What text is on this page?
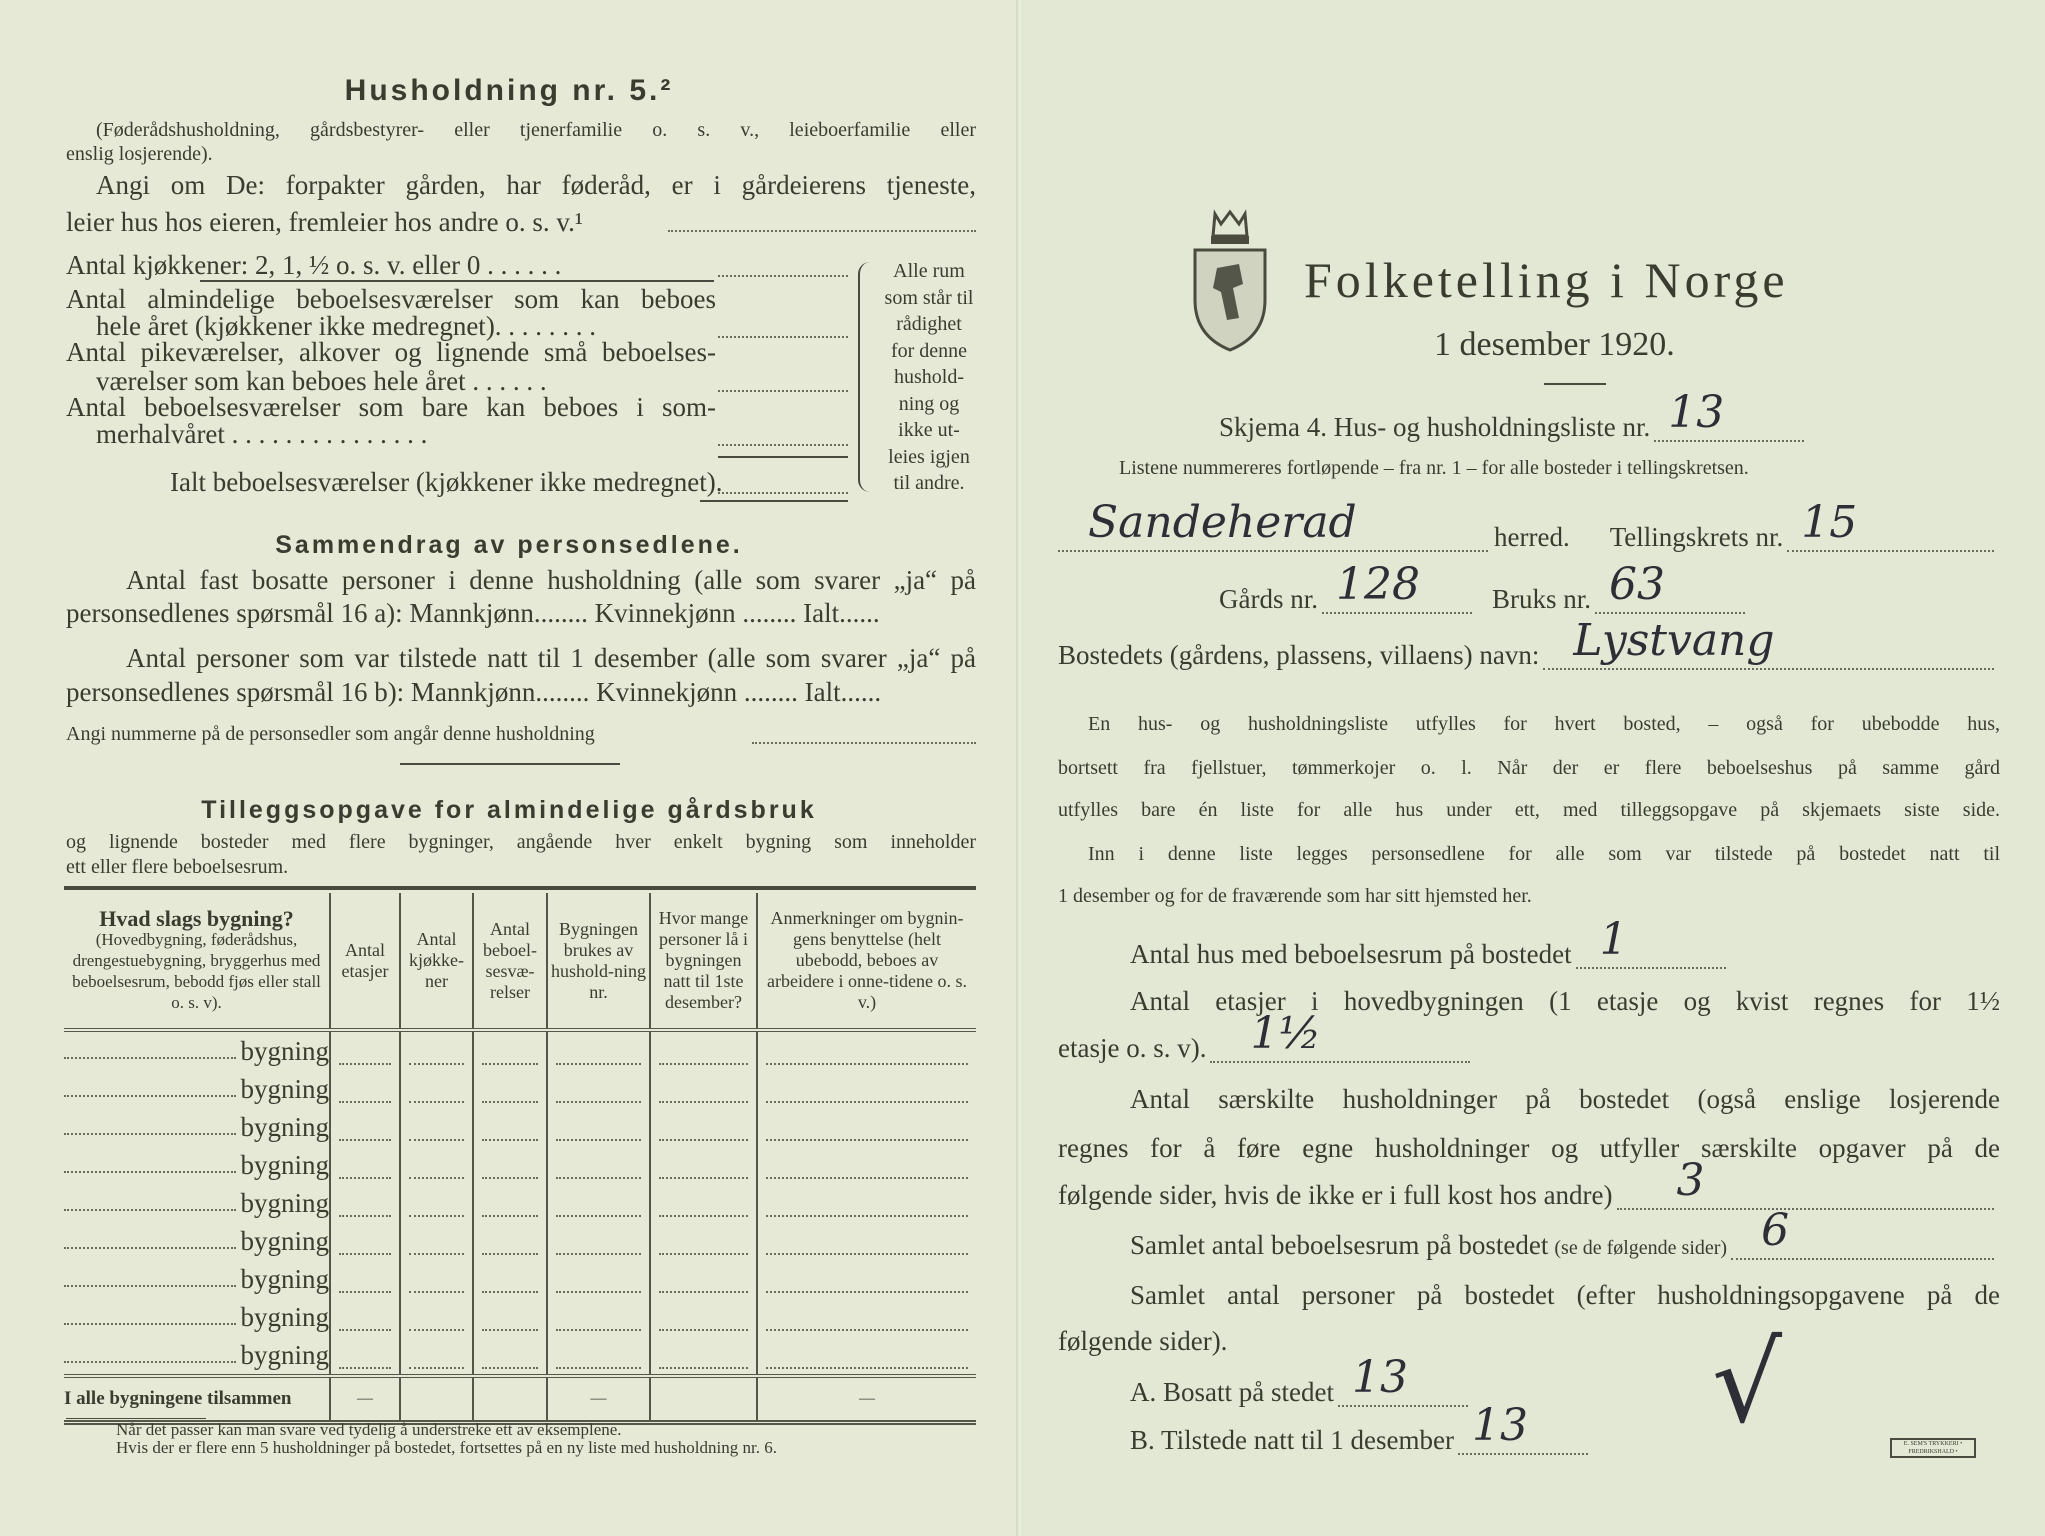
Husholdning nr. 5.²
(Føderådshusholdning, gårdsbestyrer- eller tjenerfamilie o. s. v., leieboerfamilie eller
enslig losjerende).
Angi om De: forpakter gården, har føderåd, er i gårdeierens tjeneste,
leier hus hos eieren, fremleier hos andre o. s. v.¹
Antal kjøkkener: 2, 1, ½ o. s. v. eller 0 . . . . . .
Antal almindelige beboelsesværelser som kan beboes
hele året (kjøkkener ikke medregnet). . . . . . . .
Antal pikeværelser, alkover og lignende små beboelses-
værelser som kan beboes hele året . . . . . .
Antal beboelsesværelser som bare kan beboes i som-
merhalvåret . . . . . . . . . . . . . . .
Ialt beboelsesværelser (kjøkkener ikke medregnet).
Alle rum
som står til
rådighet
for denne
hushold-
ning og
ikke ut-
leies igjen
til andre.
Sammendrag av personsedlene.
Antal fast bosatte personer i denne husholdning (alle som svarer „ja“ på
personsedlenes spørsmål 16 a): Mannkjønn........ Kvinnekjønn ........ Ialt......
Antal personer som var tilstede natt til 1 desember (alle som svarer „ja“ på
personsedlenes spørsmål 16 b): Mannkjønn........ Kvinnekjønn ........ Ialt......
Angi nummerne på de personsedler som angår denne husholdning
Tilleggsopgave for almindelige gårdsbruk
og lignende bosteder med flere bygninger, angående hver enkelt bygning som inneholder
ett eller flere beboelsesrum.
Hvad slags bygning?
(Hovedbygning, føderådshus, drengestuebygning, bryggerhus med beboelsesrum, bebodd fjøs eller stall o. s. v).	Antal etasjer	Antal kjøkke-ner	Antal beboel-sesvæ-relser	Bygningen brukes av hushold-ning nr.	Hvor mange personer lå i bygningen natt til 1ste desember?	Anmerkninger om bygnin-gens benyttelse (helt ubebodd, beboes av arbeidere i onne-tidene o. s. v.)

bygning						

bygning						

bygning						

bygning						

bygning						

bygning						

bygning						

bygning						

bygning						

I alle bygningene tilsammen	—			—		—
Når det passer kan man svare ved tydelig å understreke ett av eksemplene.
Hvis der er flere enn 5 husholdninger på bostedet, fortsettes på en ny liste med husholdning nr. 6.
Folketelling i Norge
1 desember 1920.
Skjema 4. Hus- og husholdningsliste nr. 13
Listene nummereres fortløpende – fra nr. 1 – for alle bosteder i tellingskretsen.
Sandeherad	herred. Tellingskrets nr. 15
Gårds nr. 128	Bruks nr. 63
Bostedets (gårdens, plassens, villaens) navn: Lystvang
En hus- og husholdningsliste utfylles for hvert bosted, – også for ubebodde hus,
bortsett fra fjellstuer, tømmerkojer o. l. Når der er flere beboelseshus på samme gård
utfylles bare én liste for alle hus under ett, med tilleggsopgave på skjemaets siste side.
Inn i denne liste legges personsedlene for alle som var tilstede på bostedet natt til
1 desember og for de fraværende som har sitt hjemsted her.
Antal hus med beboelsesrum på bostedet 1
Antal etasjer i hovedbygningen (1 etasje og kvist regnes for 1½
etasje o. s. v). 1½
Antal særskilte husholdninger på bostedet (også enslige losjerende
regnes for å føre egne husholdninger og utfyller særskilte opgaver på de
følgende sider, hvis de ikke er i full kost hos andre) 3
Samlet antal beboelsesrum på bostedet (se de følgende sider) 6
Samlet antal personer på bostedet (efter husholdningsopgavene på de
følgende sider).
A. Bosatt på stedet 13
B. Tilstede natt til 1 desember 13 √	E. SEM'S TRYKKERI • FREDRIKSHALD •
